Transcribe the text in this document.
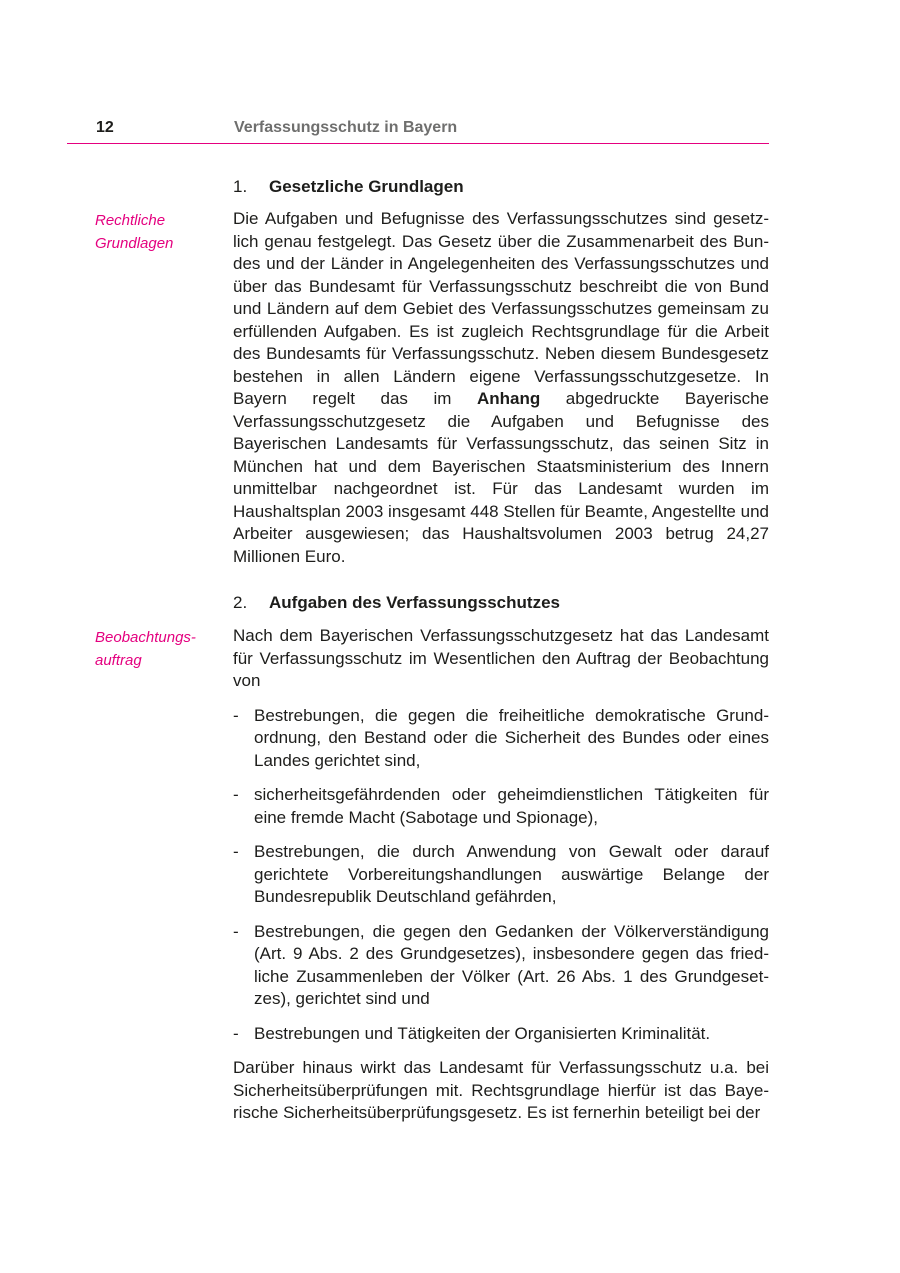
12	Verfassungsschutz in Bayern
1. Gesetzliche Grundlagen
Rechtliche
Grundlagen

Die Aufgaben und Befugnisse des Verfassungsschutzes sind gesetzlich genau festgelegt. Das Gesetz über die Zusammenarbeit des Bundes und der Länder in Angelegenheiten des Verfassungsschutzes und über das Bundesamt für Verfassungsschutz beschreibt die von Bund und Ländern auf dem Gebiet des Verfassungsschutzes gemeinsam zu erfüllenden Aufgaben. Es ist zugleich Rechtsgrundlage für die Arbeit des Bundesamts für Verfassungsschutz. Neben diesem Bundesgesetz bestehen in allen Ländern eigene Verfassungsschutzgesetze. In Bayern regelt das im Anhang abgedruckte Bayerische Verfassungsschutzgesetz die Aufgaben und Befugnisse des Bayerischen Landesamts für Verfassungsschutz, das seinen Sitz in München hat und dem Bayerischen Staatsministerium des Innern unmittelbar nachgeordnet ist. Für das Landesamt wurden im Haushaltsplan 2003 insgesamt 448 Stellen für Beamte, Angestellte und Arbeiter ausgewiesen; das Haushaltsvolumen 2003 betrug 24,27 Millionen Euro.

2. Aufgaben des Verfassungsschutzes
Beobachtungs-
auftrag

Nach dem Bayerischen Verfassungsschutzgesetz hat das Landesamt für Verfassungsschutz im Wesentlichen den Auftrag der Beobachtung von

- Bestrebungen, die gegen die freiheitliche demokratische Grundordnung, den Bestand oder die Sicherheit des Bundes oder eines Landes gerichtet sind,
- sicherheitsgefährdenden oder geheimdienstlichen Tätigkeiten für eine fremde Macht (Sabotage und Spionage),
- Bestrebungen, die durch Anwendung von Gewalt oder darauf gerichtete Vorbereitungshandlungen auswärtige Belange der Bundesrepublik Deutschland gefährden,
- Bestrebungen, die gegen den Gedanken der Völkerverständigung (Art. 9 Abs. 2 des Grundgesetzes), insbesondere gegen das friedliche Zusammenleben der Völker (Art. 26 Abs. 1 des Grundgesetzes), gerichtet sind und
- Bestrebungen und Tätigkeiten der Organisierten Kriminalität.

Darüber hinaus wirkt das Landesamt für Verfassungsschutz u.a. bei Sicherheitsüberprüfungen mit. Rechtsgrundlage hierfür ist das Bayerische Sicherheitsüberprüfungsgesetz. Es ist fernerhin beteiligt bei der
